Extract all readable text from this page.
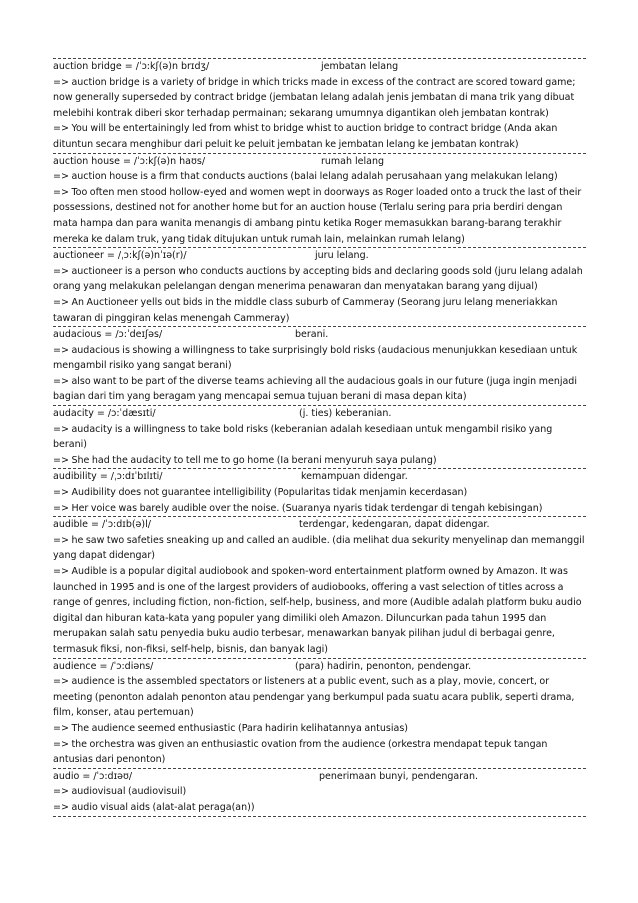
auction bridge = /ˈɔ:kʃ(ə)n brɪdʒ/	jembatan lelang
=> auction bridge is a variety of bridge in which tricks made in excess of the contract are scored toward game; now generally superseded by contract bridge (jembatan lelang adalah jenis jembatan di mana trik yang dibuat melebihi kontrak diberi skor terhadap permainan; sekarang umumnya digantikan oleh jembatan kontrak)
=> You will be entertainingly led from whist to bridge whist to auction bridge to contract bridge (Anda akan dituntun secara menghibur dari peluit ke peluit jembatan ke jembatan lelang ke jembatan kontrak)
auction house = /ˈɔ:kʃ(ə)n haʊs/	rumah lelang
=> auction house is a firm that conducts auctions (balai lelang adalah perusahaan yang melakukan lelang)
=> Too often men stood hollow-eyed and women wept in doorways as Roger loaded onto a truck the last of their possessions, destined not for another home but for an auction house (Terlalu sering para pria berdiri dengan mata hampa dan para wanita menangis di ambang pintu ketika Roger memasukkan barang-barang terakhir mereka ke dalam truk, yang tidak ditujukan untuk rumah lain, melainkan rumah lelang)
auctioneer = /ˌɔ:kʃ(ə)nˈɪə(r)/	juru lelang.
=> auctioneer is a person who conducts auctions by accepting bids and declaring goods sold (juru lelang adalah orang yang melakukan pelelangan dengan menerima penawaran dan menyatakan barang yang dijual)
=> An Auctioneer yells out bids in the middle class suburb of Cammeray (Seorang juru lelang meneriakkan tawaran di pinggiran kelas menengah Cammeray)
audacious = /ɔ:ˈdeɪʃəs/	berani.
=> audacious is showing a willingness to take surprisingly bold risks (audacious menunjukkan kesediaan untuk mengambil risiko yang sangat berani)
=> also want to be part of the diverse teams achieving all the audacious goals in our future (juga ingin menjadi
bagian dari tim yang beragam yang mencapai semua tujuan berani di masa depan kita)
audacity = /ɔ:ˈdæsɪti/	(j. ties) keberanian.
=> audacity is a willingness to take bold risks (keberanian adalah kesediaan untuk mengambil risiko yang berani)
=> She had the audacity to tell me to go home (Ia berani menyuruh saya pulang)
audibility = /ˌɔ:dɪˈbɪlɪti/	kemampuan didengar.
=> Audibility does not guarantee intelligibility (Popularitas tidak menjamin kecerdasan)
=> Her voice was barely audible over the noise. (Suaranya nyaris tidak terdengar di tengah kebisingan)
audible = /ˈɔ:dɪb(ə)l/	terdengar, kedengaran, dapat didengar.
=> he saw two safeties sneaking up and called an audible. (dia melihat dua sekurity menyelinap dan memanggil yang dapat didengar)
=> Audible is a popular digital audiobook and spoken-word entertainment platform owned by Amazon. It was launched in 1995 and is one of the largest providers of audiobooks, offering a vast selection of titles across a range of genres, including fiction, non-fiction, self-help, business, and more (Audible adalah platform buku audio digital dan hiburan kata-kata yang populer yang dimiliki oleh Amazon. Diluncurkan pada tahun 1995 dan merupakan salah satu penyedia buku audio terbesar, menawarkan banyak pilihan judul di berbagai genre, termasuk fiksi, non-fiksi, self-help, bisnis, dan banyak lagi)
audience = /ˈɔ:diəns/	(para) hadirin, penonton, pendengar.
=> audience is the assembled spectators or listeners at a public event, such as a play, movie, concert, or meeting (penonton adalah penonton atau pendengar yang berkumpul pada suatu acara publik, seperti drama, film, konser, atau pertemuan)
=> The audience seemed enthusiastic (Para hadirin kelihatannya antusias)
=> the orchestra was given an enthusiastic ovation from the audience (orkestra mendapat tepuk tangan antusias dari penonton)
audio = /ˈɔ:dɪəʊ/	penerimaan bunyi, pendengaran.
=> audiovisual (audiovisuil)
=> audio visual aids (alat-alat peraga(an))
